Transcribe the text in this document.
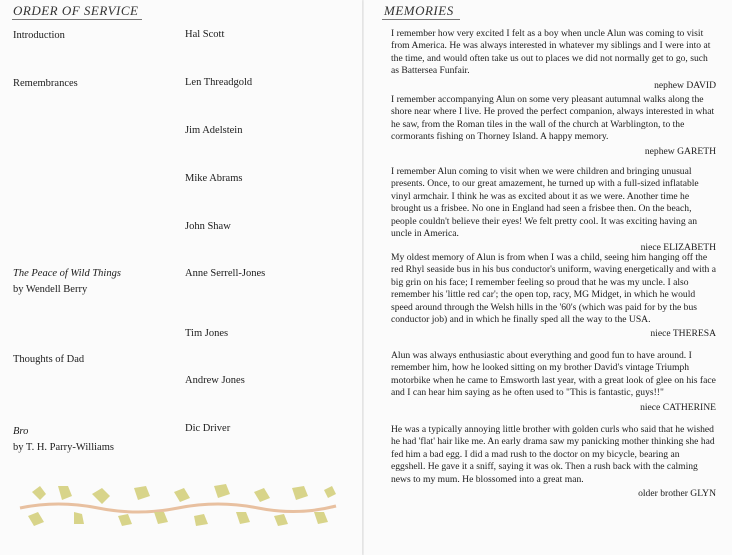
ORDER OF SERVICE
Introduction
Remembrances
The Peace of Wild Things
by Wendell Berry
Thoughts of Dad
Bro
by T. H. Parry-Williams
Hal Scott
Len Threadgold
Jim Adelstein
Mike Abrams
John Shaw
Anne Serrell-Jones
Tim Jones
Andrew Jones
Dic Driver
MEMORIES
I remember how very excited I felt as a boy when uncle Alun was coming to visit from America. He was always interested in whatever my siblings and I were into at the time, and would often take us out to places we did not normally get to go, such as Battersea Funfair.
nephew DAVID
I remember accompanying Alun on some very pleasant autumnal walks along the shore near where I live. He proved the perfect companion, always interested in what he saw, from the Roman tiles in the wall of the church at Warblington, to the cormorants fishing on Thorney Island. A happy memory.
nephew GARETH
I remember Alun coming to visit when we were children and bringing unusual presents. Once, to our great amazement, he turned up with a full-sized inflatable vinyl armchair. I think he was as excited about it as we were. Another time he brought us a frisbee. No one in England had seen a frisbee then. On the beach, people couldn't believe their eyes! We felt pretty cool. It was exciting having an uncle in America.
niece ELIZABETH
My oldest memory of Alun is from when I was a child, seeing him hanging off the red Rhyl seaside bus in his bus conductor's uniform, waving energetically and with a big grin on his face; I remember feeling so proud that he was my uncle. I also remember his 'little red car'; the open top, racy, MG Midget, in which he would speed around through the Welsh hills in the '60's (which was paid for by the bus conductor job) and in which he finally sped all the way to the USA.
niece THERESA
Alun was always enthusiastic about everything and good fun to have around. I remember him, how he looked sitting on my brother David's vintage Triumph motorbike when he came to Emsworth last year, with a great look of glee on his face and I can hear him saying as he often used to "This is fantastic, guys!!"
niece CATHERINE
He was a typically annoying little brother with golden curls who said that he wished he had 'flat' hair like me. An early drama saw my panicking mother thinking she had fed him a bad egg. I did a mad rush to the doctor on my bicycle, bearing an eggshell. He gave it a sniff, saying it was ok. Then a rush back with the calming news to my mum. He blossomed into a great man.
older brother GLYN
